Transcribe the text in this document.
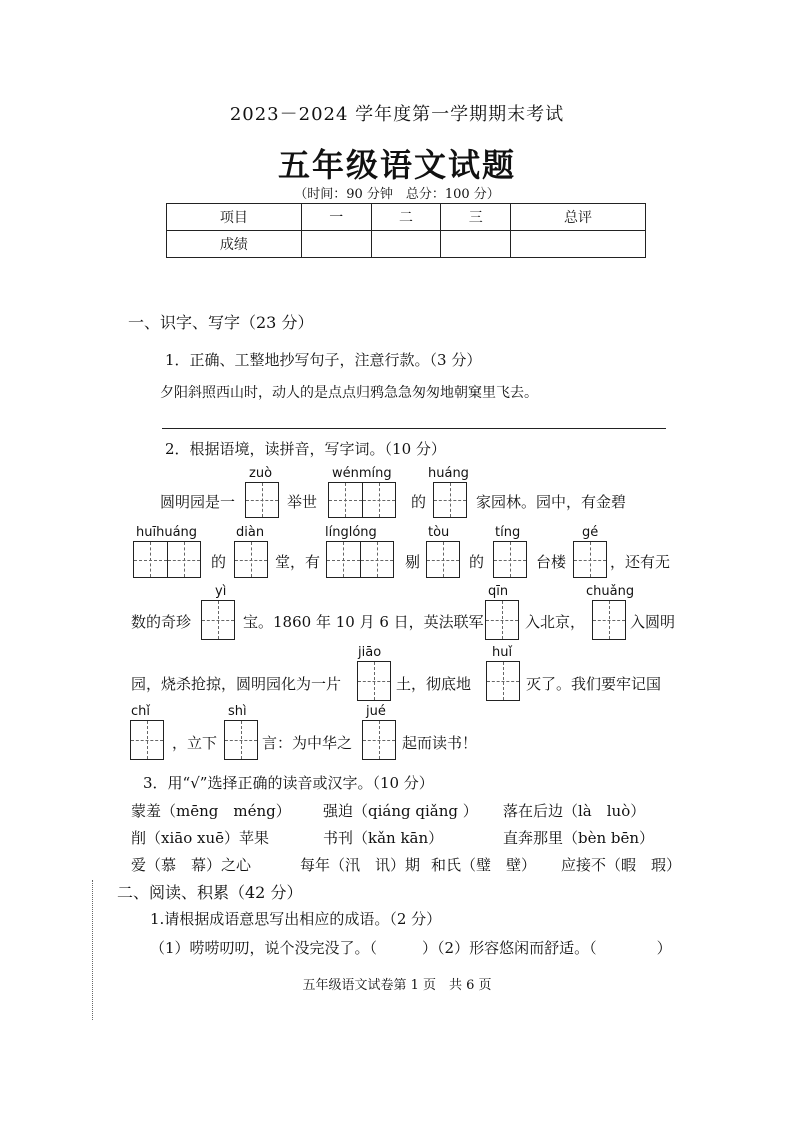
2023－2024 学年度第一学期期末考试
五年级语文试题
（时间：90 分钟　总分：100 分）
项目	一	二	三	总评
成绩				
一、识字、写字（23 分）
1．正确、工整地抄写句子，注意行款。（3 分）
夕阳斜照西山时，动人的是点点归鸦急急匆匆地朝窠里飞去。
2．根据语境，读拼音，写字词。（10 分）
zuò	wénmíng	huáng
圆明园是一	举世	的	家园林。园中，有金碧
huīhuáng	diàn	línglóng	tòu	tíng	gé
的	堂，有	剔	的	台楼	，还有无
yì	qīn	chuǎng
数的奇珍	宝。1860 年 10 月 6 日，英法联军	入北京，	入圆明
jiāo	huǐ
园，烧杀抢掠，圆明园化为一片	土，彻底地	灭了。我们要牢记国
chǐ	shì	jué
，立下	言：为中华之	起而读书！
3．用“√”选择正确的读音或汉字。（10 分）
蒙羞（mēng　méng） 强迫（qiáng qiǎng ） 落在后边（là　luò）
削（xiāo xuē）苹果	书刊（kǎn kān）	直奔那里（bèn bēn）
爱（慕　幕）之心	每年（汛　讯）期 和氏（璧　壁） 应接不（暇　瑕）
二、阅读、积累（42 分）
1.请根据成语意思写出相应的成语。（2 分）
（1）唠唠叨叨，说个没完没了。（　　　）（2）形容悠闲而舒适。（　　　　）
五年级语文试卷第 1 页　共 6 页
